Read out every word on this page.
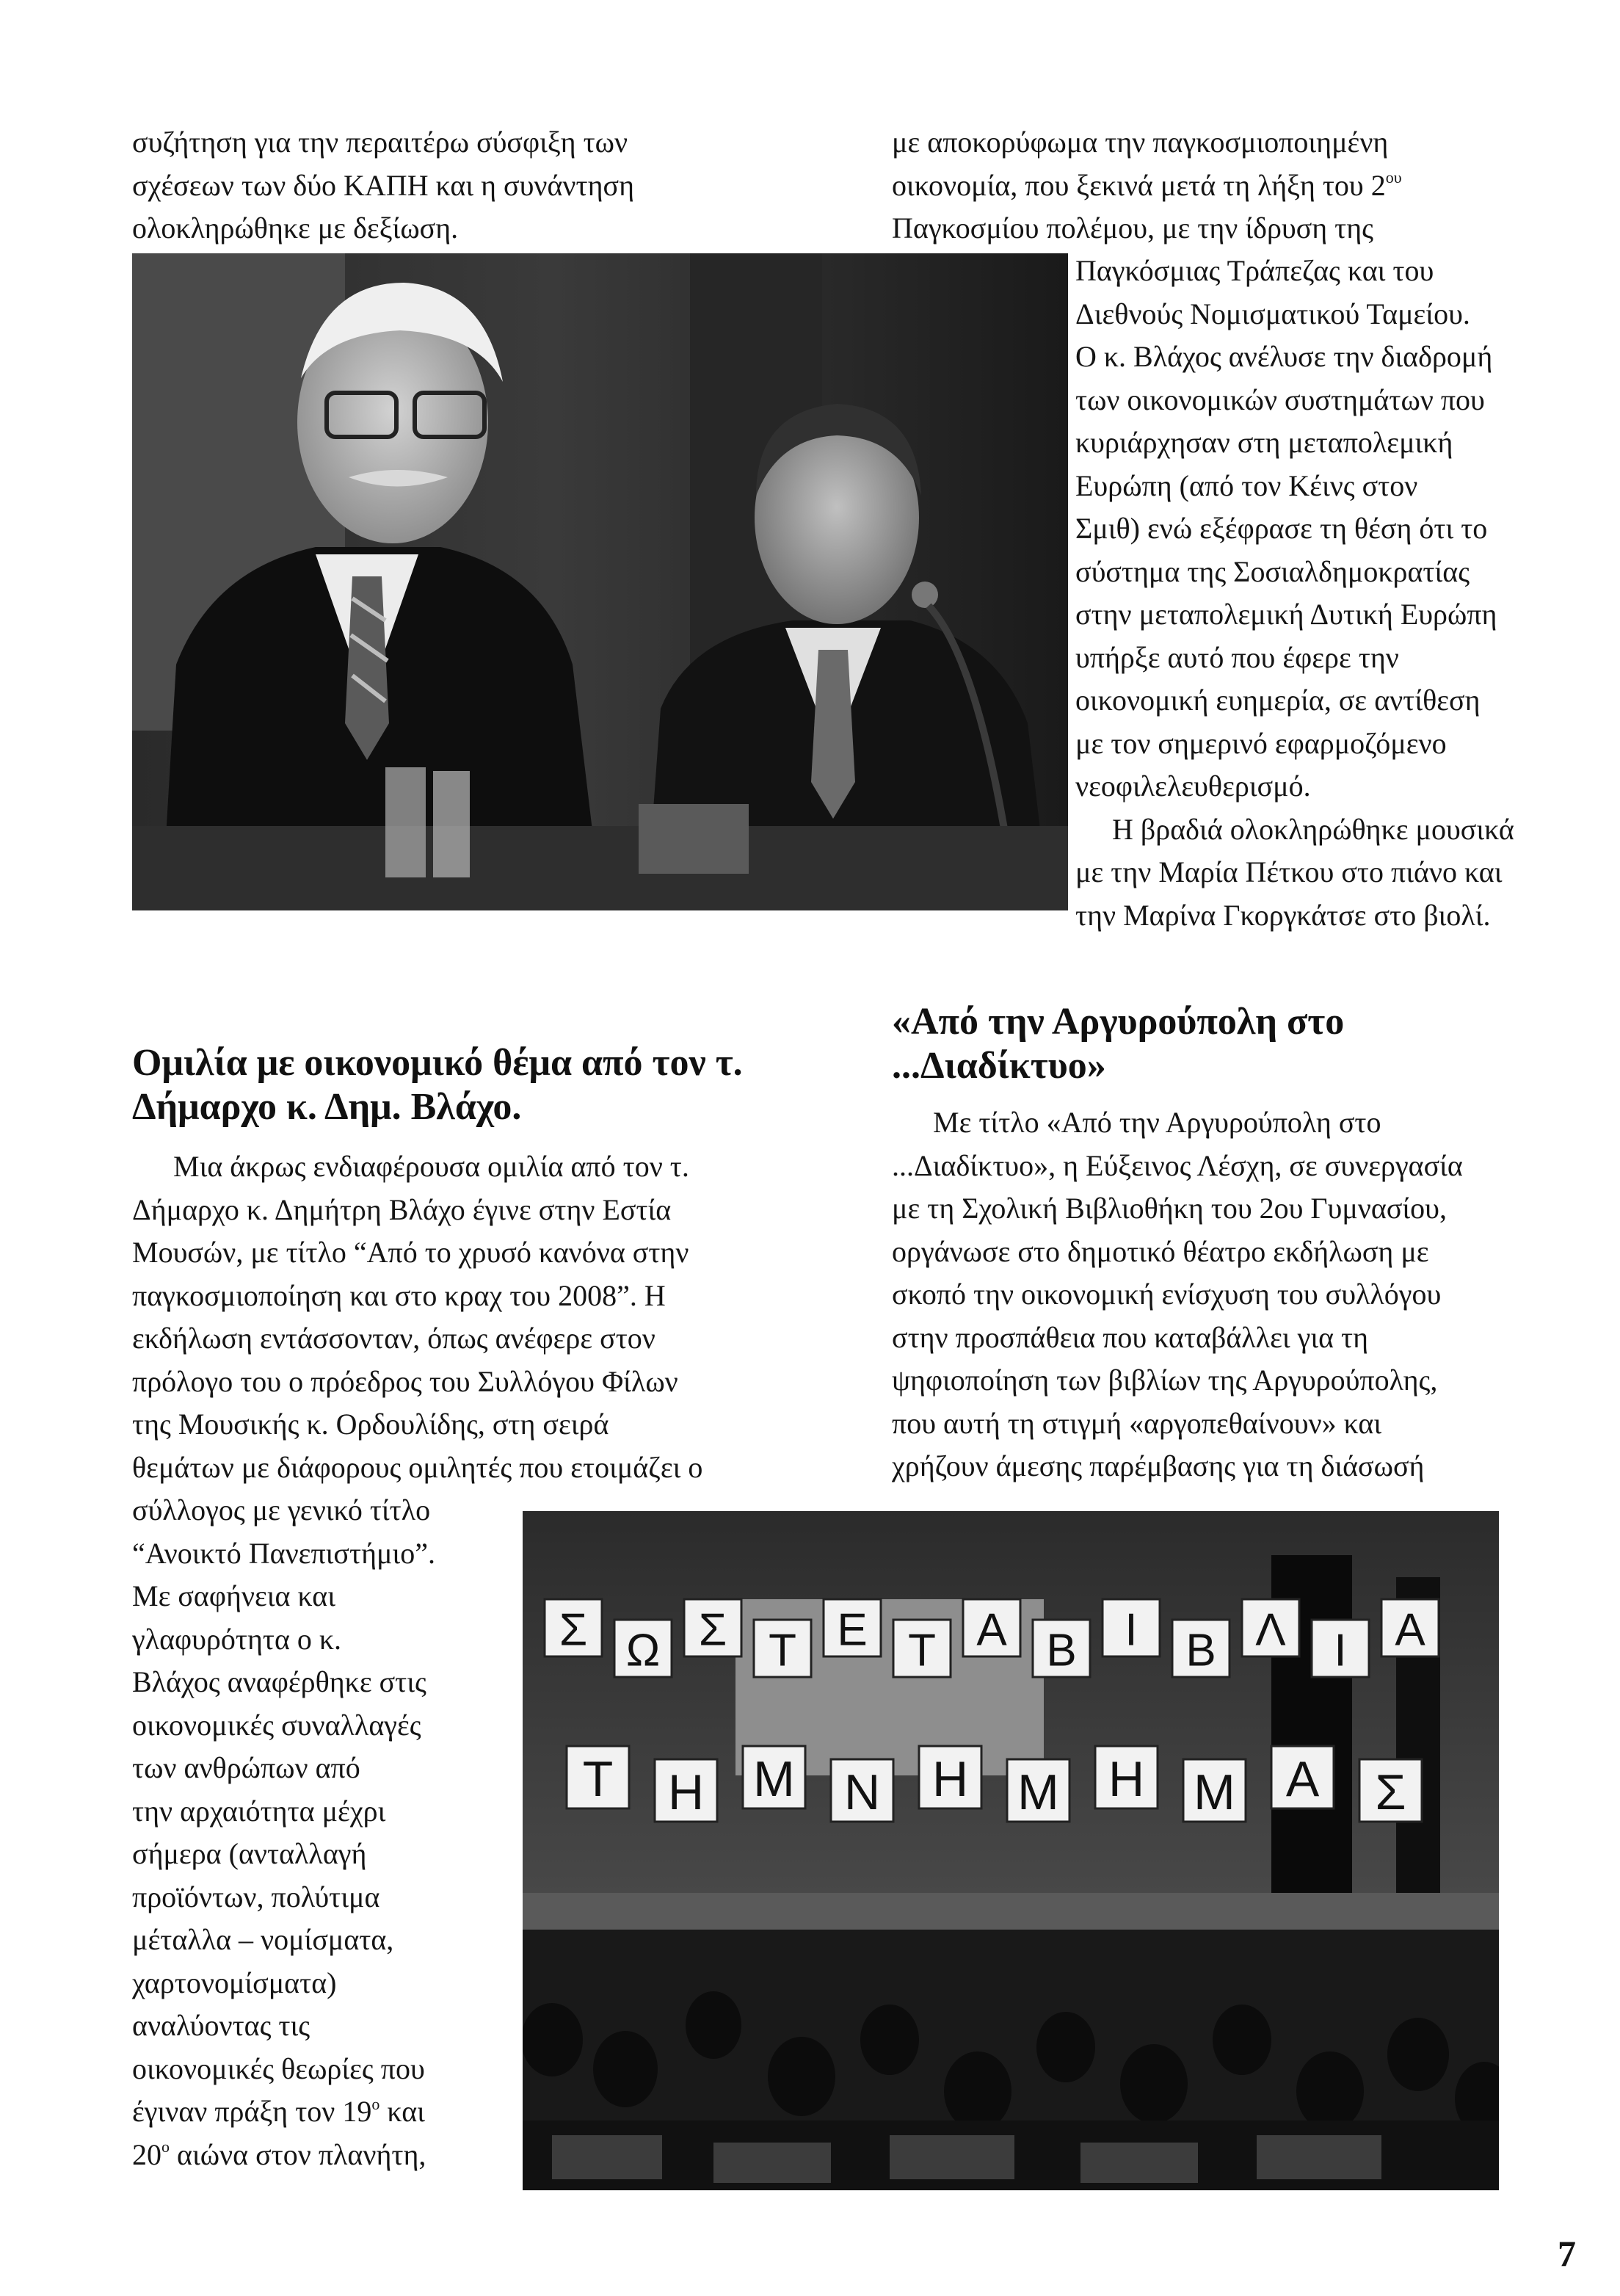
συζήτηση για την περαιτέρω σύσφιξη των
σχέσεων των δύο ΚΑΠΗ και η συνάντηση
ολοκληρώθηκε με δεξίωση.
με αποκορύφωμα την παγκοσμιοποιημένη
οικονομία, που ξεκινά μετά τη λήξη του $2^{o\upsilon}$
Παγκοσμίου πολέμου, με την ίδρυση της
Παγκόσμιας Τράπεζας και του
Διεθνούς Νομισματικού Ταμείου.
Ο κ. Βλάχος ανέλυσε την διαδρομή
των οικονομικών συστημάτων που
κυριάρχησαν στη μεταπολεμική
Ευρώπη (από τον Κέινς στον
Σμιθ) ενώ εξέφρασε τη θέση ότι το
σύστημα της Σοσιαλδημοκρατίας
στην μεταπολεμική Δυτική Ευρώπη
υπήρξε αυτό που έφερε την
οικονομική ευημερία, σε αντίθεση
με τον σημερινό εφαρμοζόμενο
νεοφιλελευθερισμό.
Η βραδιά ολοκληρώθηκε μουσικά
με την Μαρία Πέτκου στο πιάνο και
την Μαρίνα Γκοργκάτσε στο βιολί.
Ομιλία με οικονομικό θέμα από τον τ.
Δήμαρχο κ. Δημ. Βλάχο.
Μια άκρως ενδιαφέρουσα ομιλία από τον τ.
Δήμαρχο κ. Δημήτρη Βλάχο έγινε στην Εστία
Μουσών, με τίτλο “Από το χρυσό κανόνα στην
παγκοσμιοποίηση και στο κραχ του 2008”. Η
εκδήλωση εντάσσονταν, όπως ανέφερε στον
πρόλογο του ο πρόεδρος του Συλλόγου Φίλων
της Μουσικής κ. Ορδουλίδης, στη σειρά
θεμάτων με διάφορους ομιλητές που ετοιμάζει ο
σύλλογος με γενικό τίτλο
“Ανοικτό Πανεπιστήμιο”.
Με σαφήνεια και
γλαφυρότητα ο κ.
Βλάχος αναφέρθηκε στις
οικονομικές συναλλαγές
των ανθρώπων από
την αρχαιότητα μέχρι
σήμερα (ανταλλαγή
προϊόντων, πολύτιμα
μέταλλα – νομίσματα,
χαρτονομίσματα)
αναλύοντας τις
οικονομικές θεωρίες που
έγιναν πράξη τον $19^o$ και
$20^o$ αιώνα στον πλανήτη,
«Από την Αργυρούπολη στο
...Διαδίκτυο»
Με τίτλο «Από την Αργυρούπολη στο
...Διαδίκτυο», η Εύξεινος Λέσχη, σε συνεργασία
με τη Σχολική Βιβλιοθήκη του 2ου Γυμνασίου,
οργάνωσε στο δημοτικό θέατρο εκδήλωση με
σκοπό την οικονομική ενίσχυση του συλλόγου
στην προσπάθεια που καταβάλλει για τη
ψηφιοποίηση των βιβλίων της Αργυρούπολης,
που αυτή τη στιγμή «αργοπεθαίνουν» και
χρήζουν άμεσης παρέμβασης για τη διάσωσή
Σ Ω Σ Τ Ε Τ Α Β Ι Β Λ Ι Α
Τ Η Μ Ν Η Μ Η Μ Α Σ
7
